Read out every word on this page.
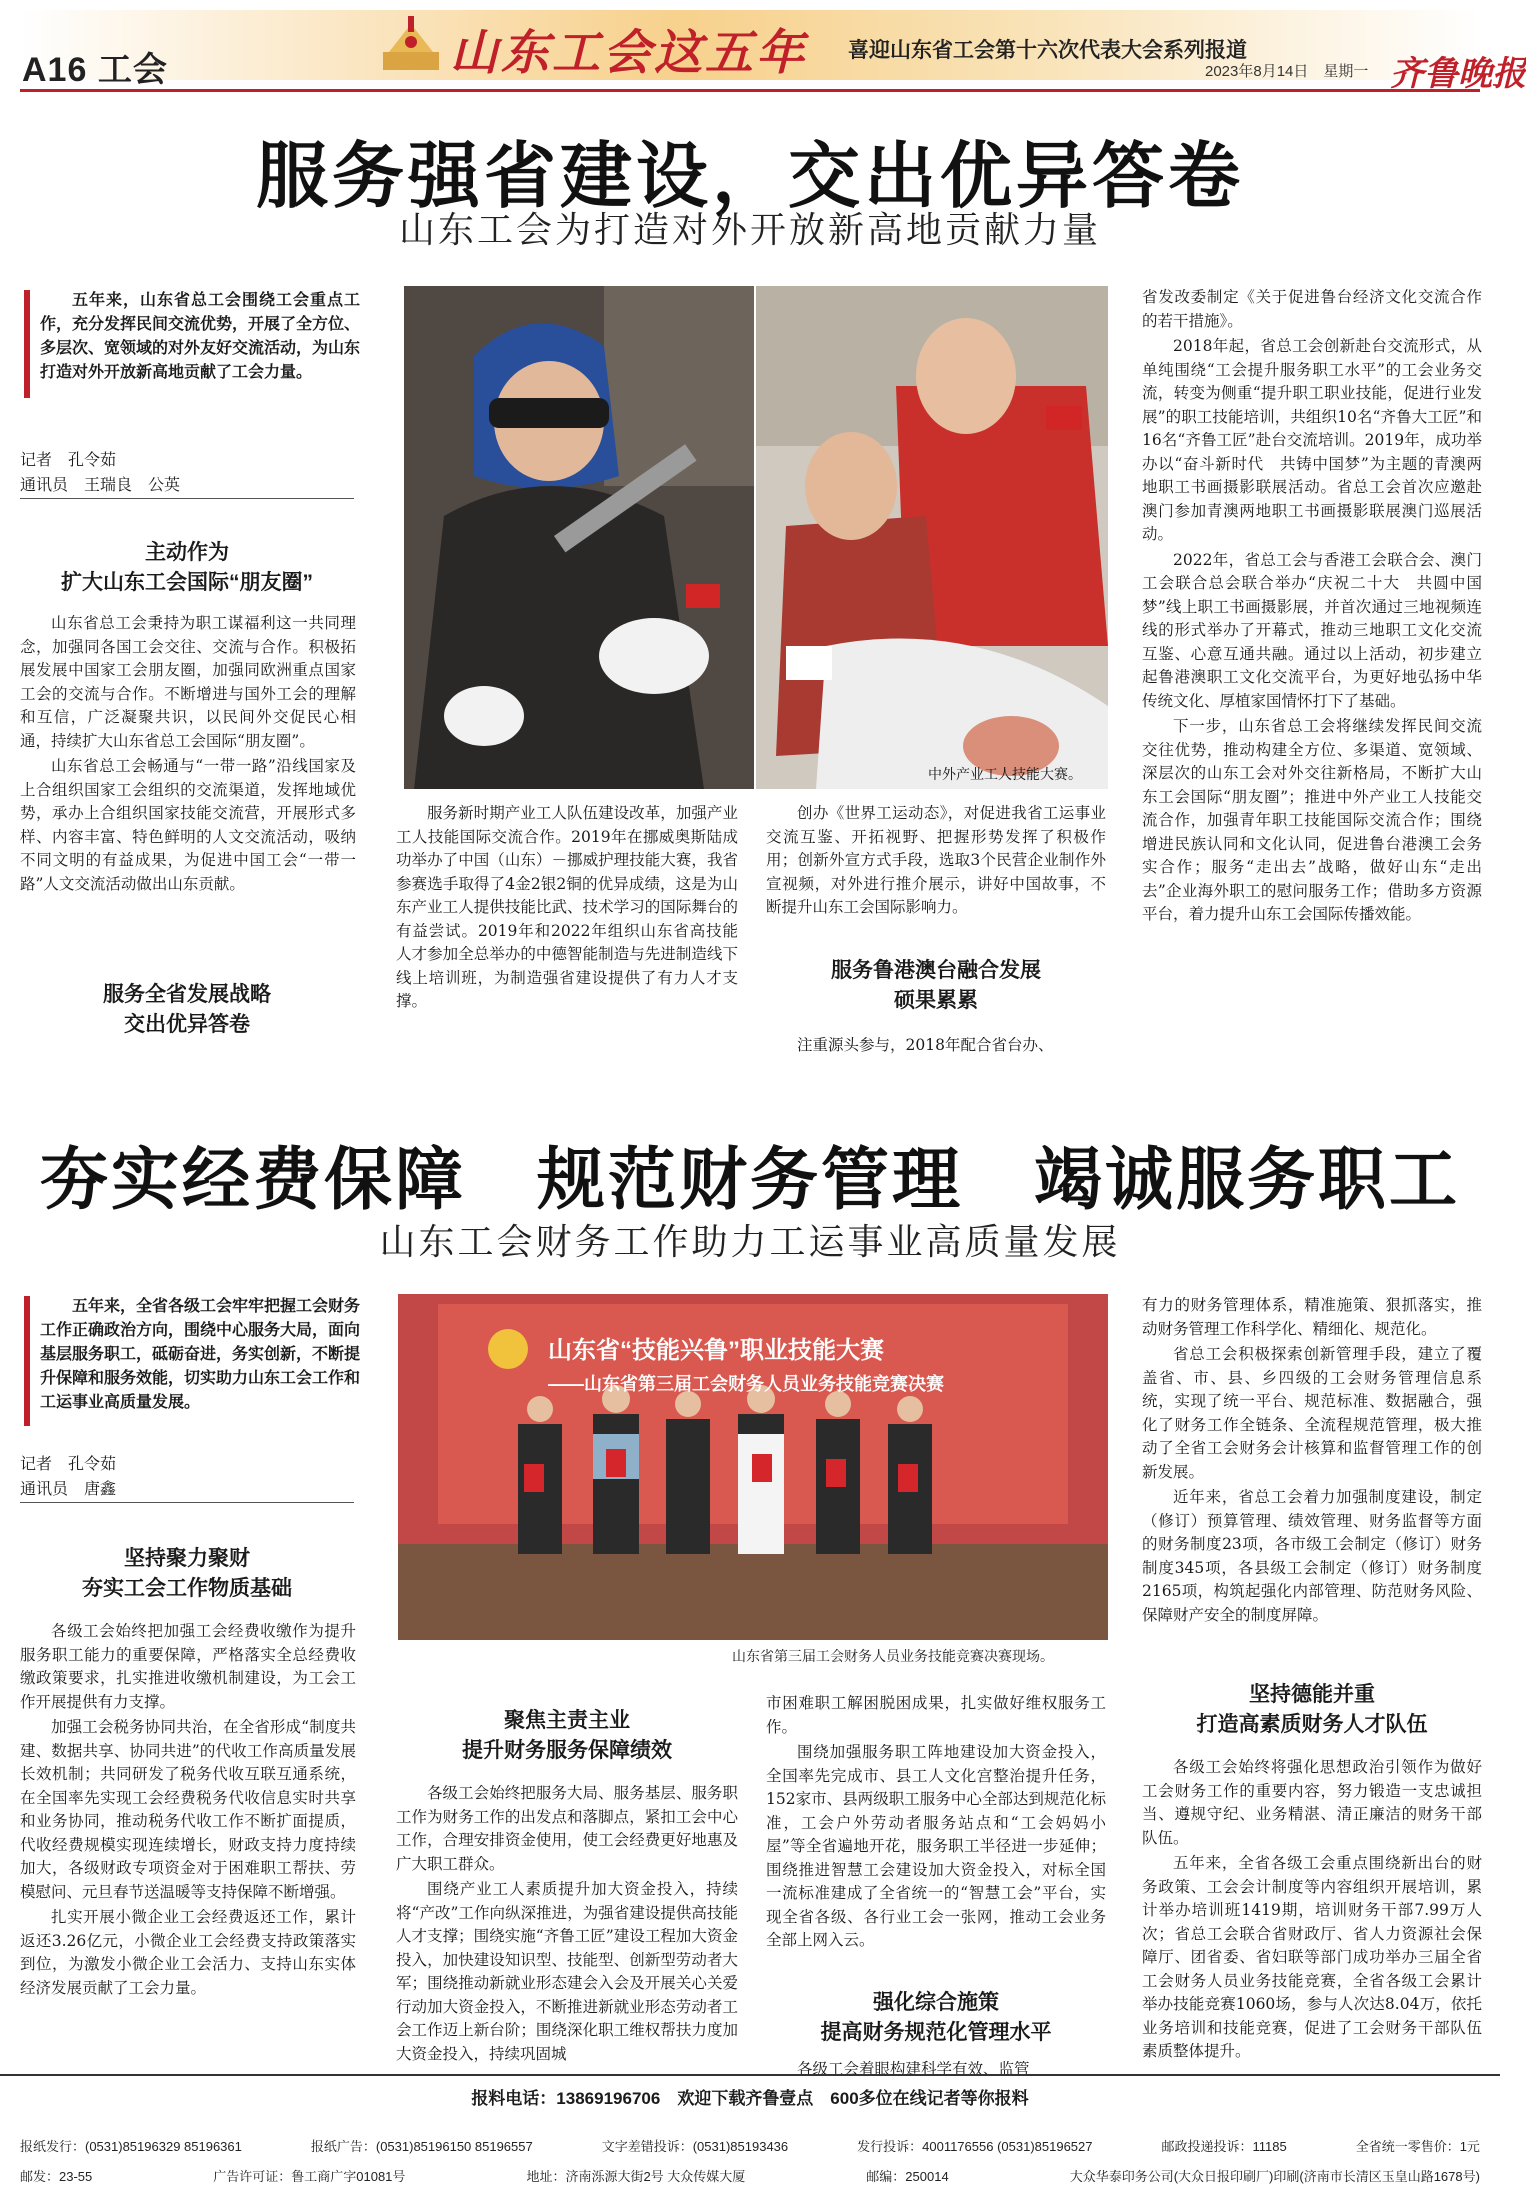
A16 工会	山东工会这五年 喜迎山东省工会第十六次代表大会系列报道
2023年8月14日　星期一 齐鲁晚报
服务强省建设，交出优异答卷
山东工会为打造对外开放新高地贡献力量
五年来，山东省总工会围绕工会重点工作，充分发挥民间交流优势，开展了全方位、多层次、宽领域的对外友好交流活动，为山东打造对外开放新高地贡献了工会力量。
记者　孔令茹
通讯员　王瑞良　公英
主动作为
扩大山东工会国际“朋友圈”

山东省总工会秉持为职工谋福利这一共同理念，加强同各国工会交往、交流与合作。积极拓展发展中国家工会朋友圈，加强同欧洲重点国家工会的交流与合作。不断增进与国外工会的理解和互信，广泛凝聚共识，以民间外交促民心相通，持续扩大山东省总工会国际“朋友圈”。

山东省总工会畅通与“一带一路”沿线国家及上合组织国家工会组织的交流渠道，发挥地域优势，承办上合组织国家技能交流营，开展形式多样、内容丰富、特色鲜明的人文交流活动，吸纳不同文明的有益成果，为促进中国工会“一带一路”人文交流活动做出山东贡献。

服务全省发展战略
交出优异答卷
中外产业工人技能大赛。

服务新时期产业工人队伍建设改革，加强产业工人技能国际交流合作。2019年在挪威奥斯陆成功举办了中国（山东）－挪威护理技能大赛，我省参赛选手取得了4金2银2铜的优异成绩，这是为山东产业工人提供技能比武、技术学习的国际舞台的有益尝试。2019年和2022年组织山东省高技能人才参加全总举办的中德智能制造与先进制造线下线上培训班，为制造强省建设提供了有力人才支撑。

创办《世界工运动态》，对促进我省工运事业交流互鉴、开拓视野、把握形势发挥了积极作用；创新外宣方式手段，选取3个民营企业制作外宣视频，对外进行推介展示，讲好中国故事，不断提升山东工会国际影响力。

服务鲁港澳台融合发展
硕果累累

注重源头参与，2018年配合省台办、

省发改委制定《关于促进鲁台经济文化交流合作的若干措施》。

2018年起，省总工会创新赴台交流形式，从单纯围绕“工会提升服务职工水平”的工会业务交流，转变为侧重“提升职工职业技能，促进行业发展”的职工技能培训，共组织10名“齐鲁大工匠”和16名“齐鲁工匠”赴台交流培训。2019年，成功举办以“奋斗新时代　共铸中国梦”为主题的青澳两地职工书画摄影联展活动。省总工会首次应邀赴澳门参加青澳两地职工书画摄影联展澳门巡展活动。

2022年，省总工会与香港工会联合会、澳门工会联合总会联合举办“庆祝二十大　共圆中国梦”线上职工书画摄影展，并首次通过三地视频连线的形式举办了开幕式，推动三地职工文化交流互鉴、心意互通共融。通过以上活动，初步建立起鲁港澳职工文化交流平台，为更好地弘扬中华传统文化、厚植家国情怀打下了基础。

下一步，山东省总工会将继续发挥民间交流交往优势，推动构建全方位、多渠道、宽领域、深层次的山东工会对外交往新格局，不断扩大山东工会国际“朋友圈”；推进中外产业工人技能交流合作，加强青年职工技能国际交流合作；围绕增进民族认同和文化认同，促进鲁台港澳工会务实合作；服务“走出去”战略，做好山东“走出去”企业海外职工的慰问服务工作；借助多方资源平台，着力提升山东工会国际传播效能。

夯实经费保障　规范财务管理　竭诚服务职工
山东工会财务工作助力工运事业高质量发展
五年来，全省各级工会牢牢把握工会财务工作正确政治方向，围绕中心服务大局，面向基层服务职工，砥砺奋进，务实创新，不断提升保障和服务效能，切实助力山东工会工作和工运事业高质量发展。
记者　孔令茹
通讯员　唐鑫
坚持聚力聚财
夯实工会工作物质基础

各级工会始终把加强工会经费收缴作为提升服务职工能力的重要保障，严格落实全总经费收缴政策要求，扎实推进收缴机制建设，为工会工作开展提供有力支撑。

加强工会税务协同共治，在全省形成“制度共建、数据共享、协同共进”的代收工作高质量发展长效机制；共同研发了税务代收互联互通系统，在全国率先实现工会经费税务代收信息实时共享和业务协同，推动税务代收工作不断扩面提质，代收经费规模实现连续增长，财政支持力度持续加大，各级财政专项资金对于困难职工帮扶、劳模慰问、元旦春节送温暖等支持保障不断增强。

扎实开展小微企业工会经费返还工作，累计返还3.26亿元，小微企业工会经费支持政策落实到位，为激发小微企业工会活力、支持山东实体经济发展贡献了工会力量。

山东省“技能兴鲁”职业技能大赛
——山东省第三届工会财务人员业务技能竞赛决赛
山东省第三届工会财务人员业务技能竞赛决赛现场。
聚焦主责主业
提升财务服务保障绩效

各级工会始终把服务大局、服务基层、服务职工作为财务工作的出发点和落脚点，紧扣工会中心工作，合理安排资金使用，使工会经费更好地惠及广大职工群众。

围绕产业工人素质提升加大资金投入，持续将“产改”工作向纵深推进，为强省建设提供高技能人才支撑；围绕实施“齐鲁工匠”建设工程加大资金投入，加快建设知识型、技能型、创新型劳动者大军；围绕推动新就业形态建会入会及开展关心关爱行动加大资金投入，不断推进新就业形态劳动者工会工作迈上新台阶；围绕深化职工维权帮扶力度加大资金投入，持续巩固城

市困难职工解困脱困成果，扎实做好维权服务工作。

围绕加强服务职工阵地建设加大资金投入，全国率先完成市、县工人文化宫整治提升任务，152家市、县两级职工服务中心全部达到规范化标准，工会户外劳动者服务站点和“工会妈妈小屋”等全省遍地开花，服务职工半径进一步延伸；围绕推进智慧工会建设加大资金投入，对标全国一流标准建成了全省统一的“智慧工会”平台，实现全省各级、各行业工会一张网，推动工会业务全部上网入云。

强化综合施策
提高财务规范化管理水平

各级工会着眼构建科学有效、监管

有力的财务管理体系，精准施策、狠抓落实，推动财务管理工作科学化、精细化、规范化。

省总工会积极探索创新管理手段，建立了覆盖省、市、县、乡四级的工会财务管理信息系统，实现了统一平台、规范标准、数据融合，强化了财务工作全链条、全流程规范管理，极大推动了全省工会财务会计核算和监督管理工作的创新发展。

近年来，省总工会着力加强制度建设，制定（修订）预算管理、绩效管理、财务监督等方面的财务制度23项，各市级工会制定（修订）财务制度345项，各县级工会制定（修订）财务制度2165项，构筑起强化内部管理、防范财务风险、保障财产安全的制度屏障。

坚持德能并重
打造高素质财务人才队伍

各级工会始终将强化思想政治引领作为做好工会财务工作的重要内容，努力锻造一支忠诚担当、遵规守纪、业务精湛、清正廉洁的财务干部队伍。

五年来，全省各级工会重点围绕新出台的财务政策、工会会计制度等内容组织开展培训，累计举办培训班1419期，培训财务干部7.99万人次；省总工会联合省财政厅、省人力资源社会保障厅、团省委、省妇联等部门成功举办三届全省工会财务人员业务技能竞赛，全省各级工会累计举办技能竞赛1060场，参与人次达8.04万，依托业务培训和技能竞赛，促进了工会财务干部队伍素质整体提升。

报料电话：13869196706　欢迎下载齐鲁壹点　600多位在线记者等你报料
报纸发行：(0531)85196329 85196361	报纸广告：(0531)85196150 85196557	文字差错投诉：(0531)85193436	发行投诉：4001176556 (0531)85196527	邮政投递投诉：11185	全省统一零售价：1元
邮发：23-55	广告许可证：鲁工商广字01081号	地址：济南泺源大街2号 大众传媒大厦	邮编：250014	大众华泰印务公司(大众日报印刷厂)印刷(济南市长清区玉皇山路1678号)
